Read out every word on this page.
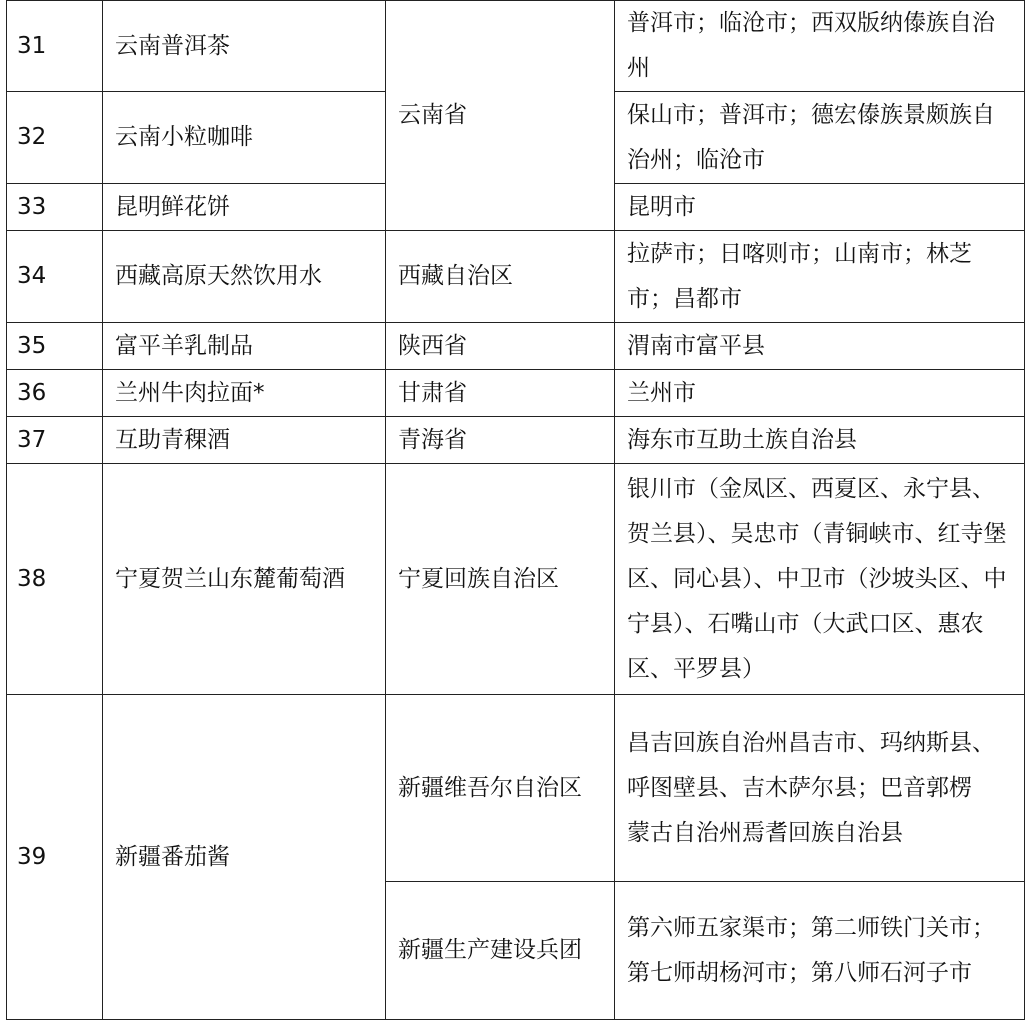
31	云南普洱茶	云南省	普洱市；临沧市；西双版纳傣族自治州
32	云南小粒咖啡		保山市；普洱市；德宏傣族景颇族自治州；临沧市
33	昆明鲜花饼		昆明市
34	西藏高原天然饮用水	西藏自治区	拉萨市；日喀则市；山南市；林芝市；昌都市
35	富平羊乳制品	陕西省	渭南市富平县
36	兰州牛肉拉面*	甘肃省	兰州市
37	互助青稞酒	青海省	海东市互助土族自治县
38	宁夏贺兰山东麓葡萄酒	宁夏回族自治区	银川市（金凤区、西夏区、永宁县、贺兰县）、吴忠市（青铜峡市、红寺堡区、同心县）、中卫市（沙坡头区、中宁县）、石嘴山市（大武口区、惠农区、平罗县）
39	新疆番茄酱	新疆维吾尔自治区	昌吉回族自治州昌吉市、玛纳斯县、呼图壁县、吉木萨尔县；巴音郭楞
蒙古自治州焉耆回族自治县

		新疆生产建设兵团	第六师五家渠市；第二师铁门关市；第七师胡杨河市；第八师石河子市
